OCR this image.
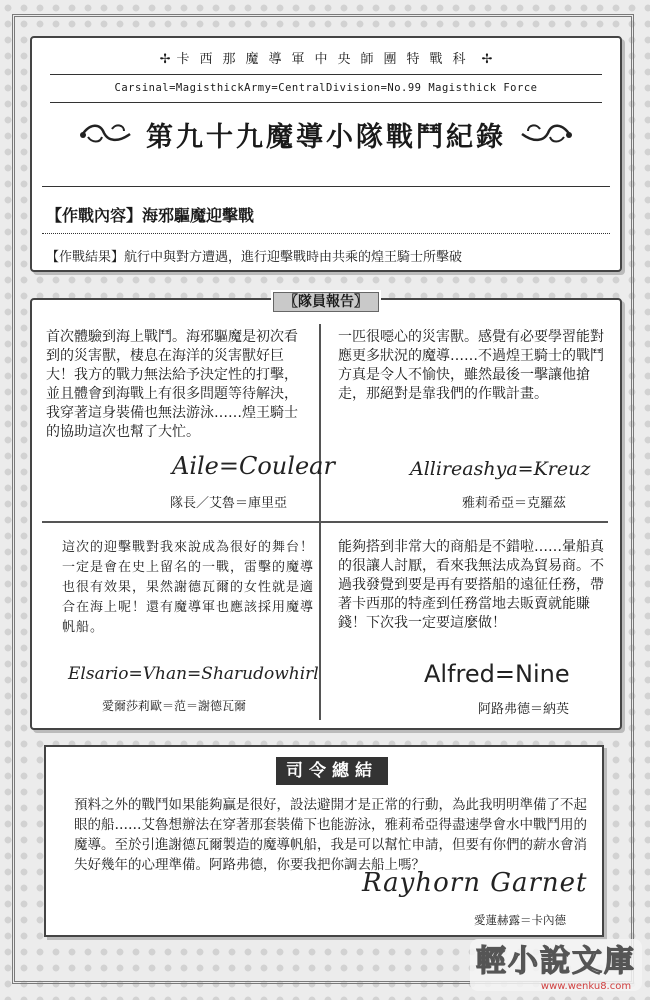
✢ 卡西那魔導軍中央師團特戰科 ✢
Carsinal=MagisthickArmy=CentralDivision=No.99 Magisthick Force
第九十九魔導小隊戰鬥紀錄
【作戰內容】海邪驅魔迎擊戰
【作戰結果】航行中與對方遭遇，進行迎擊戰時由共乘的煌王騎士所擊破
〖隊員報告〗

首次體驗到海上戰鬥。海邪驅魔是初次看到的災害獸，棲息在海洋的災害獸好巨大！我方的戰力無法給予決定性的打擊，並且體會到海戰上有很多問題等待解決，我穿著這身裝備也無法游泳……煌王騎士的協助這次也幫了大忙。

Aile=Coulear
隊長／艾魯＝庫里亞

一匹很噁心的災害獸。感覺有必要學習能對應更多狀況的魔導……不過煌王騎士的戰鬥方真是令人不愉快，雖然最後一擊讓他搶走，那絕對是靠我們的作戰計畫。

Allireashya=Kreuz
雅莉希亞＝克羅茲

這次的迎擊戰對我來說成為很好的舞台！一定是會在史上留名的一戰，雷擊的魔導也很有效果，果然謝德瓦爾的女性就是適合在海上呢！還有魔導軍也應該採用魔導帆船。

Elsario=Vhan=Sharudowhirl
愛爾莎莉歐＝范＝謝德瓦爾

能夠搭到非常大的商船是不錯啦……暈船真的很讓人討厭，看來我無法成為貿易商。不過我發覺到要是再有要搭船的遠征任務，帶著卡西那的特產到任務當地去販賣就能賺錢！下次我一定要這麼做！

Alfred=Nine
阿路弗德＝納英
司令總結
預料之外的戰鬥如果能夠贏是很好，設法避開才是正常的行動，為此我明明準備了不起眼的船……艾魯想辦法在穿著那套裝備下也能游泳，雅莉希亞得盡速學會水中戰鬥用的魔導。至於引進謝德瓦爾製造的魔導帆船，我是可以幫忙申請，但要有你們的薪水會消失好幾年的心理準備。阿路弗德，你要我把你調去船上嗎？
Rayhorn Garnet
愛蓮赫露＝卡內德
輕小說文庫
www.wenku8.com
